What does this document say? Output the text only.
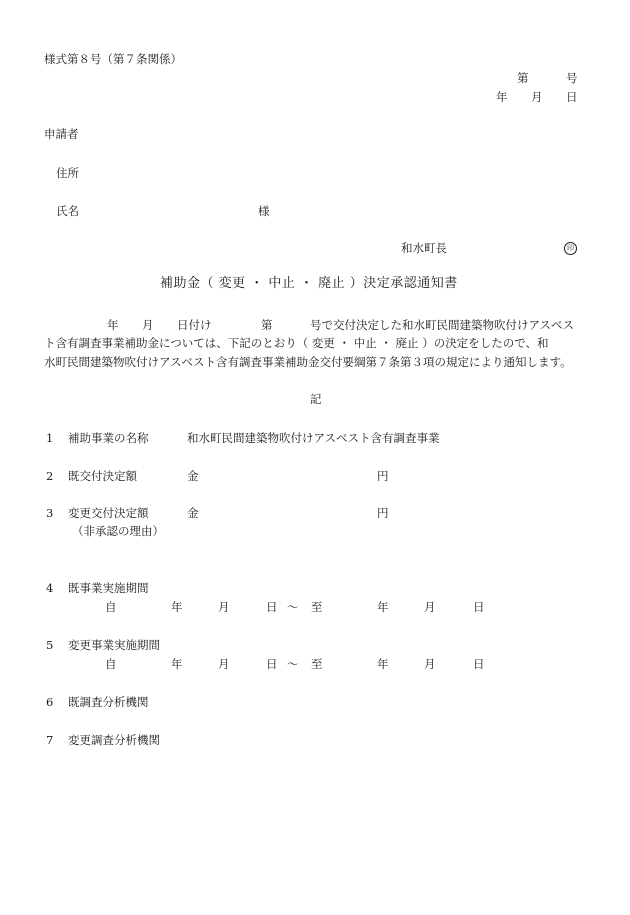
様式第８号（第７条関係）
第	号
年 月 日
申請者
住所
氏名	様
和水町長	印
補助金（ 変更 ・ 中止 ・ 廃止 ）決定承認通知書
年 月 日付け	第	号で交付決定した和水町民間建築物吹付けアスベス
ト含有調査事業補助金については、下記のとおり（ 変更 ・ 中止 ・ 廃止 ）の決定をしたので、和
水町民間建築物吹付けアスベスト含有調査事業補助金交付要綱第７条第３項の規定により通知します。
記
1 補助事業の名称	和水町民間建築物吹付けアスベスト含有調査事業
2 既交付決定額	金	円
3 変更交付決定額	金	円
（非承認の理由）
4 既事業実施期間
自	年	月	日 ～ 至	年	月	日
5 変更事業実施期間
自	年	月	日 ～ 至	年	月	日
6 既調査分析機関
7 変更調査分析機関
